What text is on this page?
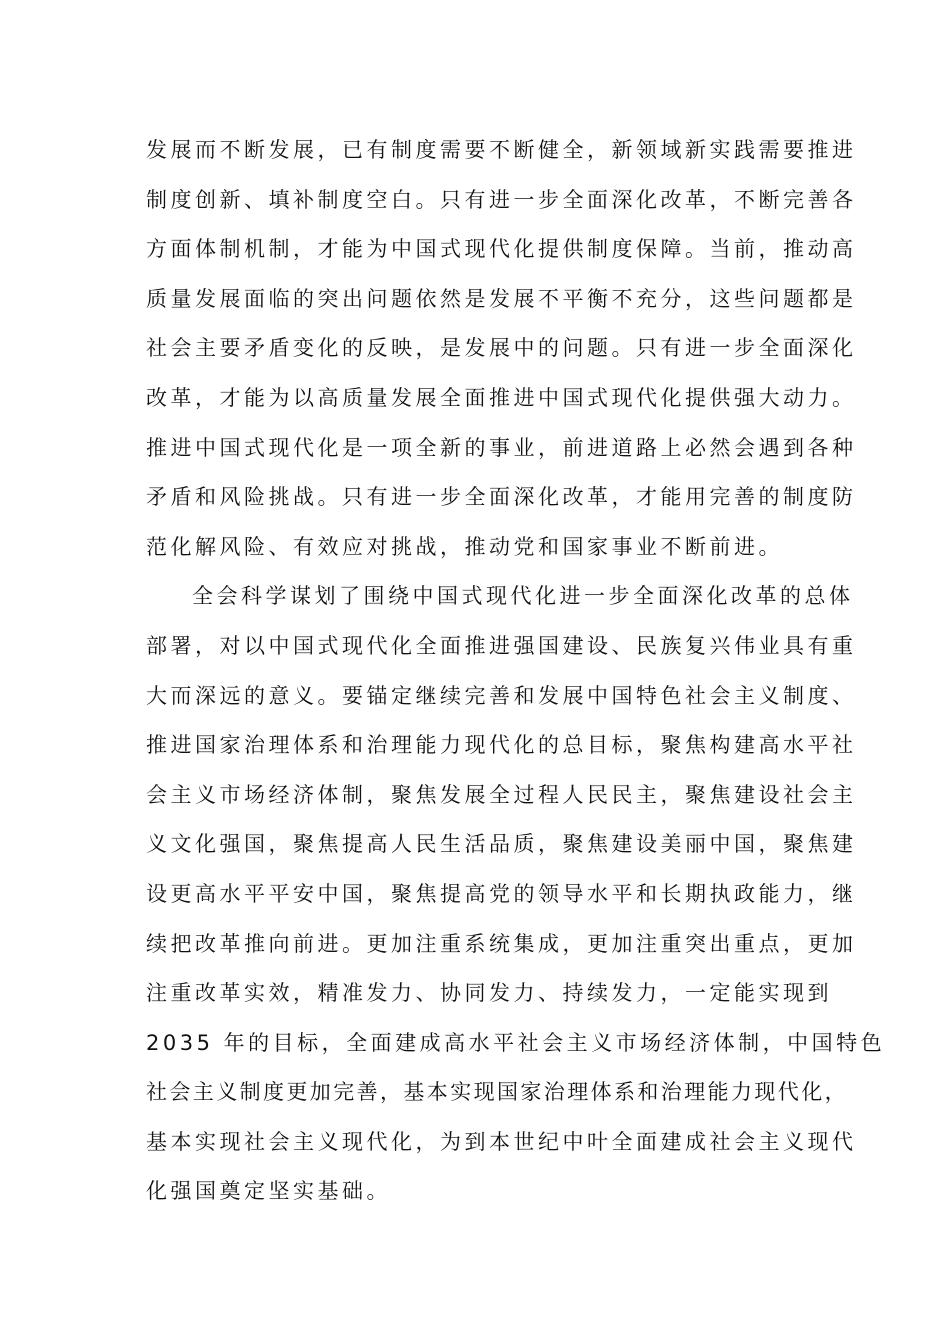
发展而不断发展，已有制度需要不断健全，新领域新实践需要推进
制度创新、填补制度空白。只有进一步全面深化改革，不断完善各
方面体制机制，才能为中国式现代化提供制度保障。当前，推动高
质量发展面临的突出问题依然是发展不平衡不充分，这些问题都是
社会主要矛盾变化的反映，是发展中的问题。只有进一步全面深化
改革，才能为以高质量发展全面推进中国式现代化提供强大动力。
推进中国式现代化是一项全新的事业，前进道路上必然会遇到各种
矛盾和风险挑战。只有进一步全面深化改革，才能用完善的制度防
范化解风险、有效应对挑战，推动党和国家事业不断前进。
全会科学谋划了围绕中国式现代化进一步全面深化改革的总体
部署，对以中国式现代化全面推进强国建设、民族复兴伟业具有重
大而深远的意义。要锚定继续完善和发展中国特色社会主义制度、
推进国家治理体系和治理能力现代化的总目标，聚焦构建高水平社
会主义市场经济体制，聚焦发展全过程人民民主，聚焦建设社会主
义文化强国，聚焦提高人民生活品质，聚焦建设美丽中国，聚焦建
设更高水平平安中国，聚焦提高党的领导水平和长期执政能力，继
续把改革推向前进。更加注重系统集成，更加注重突出重点，更加
注重改革实效，精准发力、协同发力、持续发力，一定能实现到
2035 年的目标，全面建成高水平社会主义市场经济体制，中国特色
社会主义制度更加完善，基本实现国家治理体系和治理能力现代化，
基本实现社会主义现代化，为到本世纪中叶全面建成社会主义现代
化强国奠定坚实基础。
